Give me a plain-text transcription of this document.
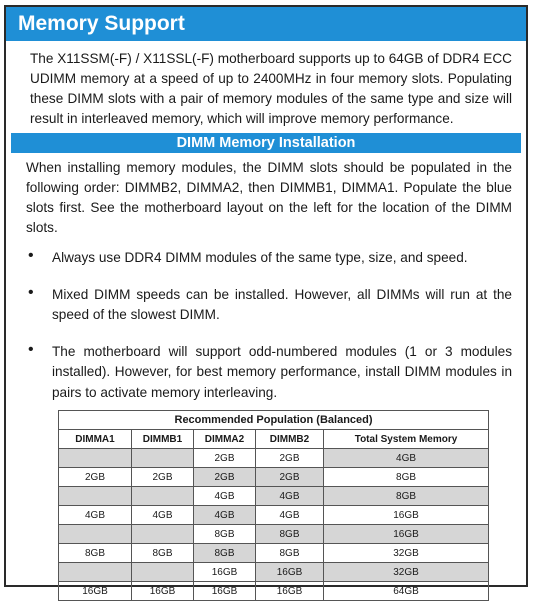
Memory Support

The X11SSM(-F) / X11SSL(-F) motherboard supports up to 64GB of DDR4 ECC UDIMM memory at a speed of up to 2400MHz in four memory slots. Populating these DIMM slots with a pair of memory modules of the same type and size will result in interleaved memory, which will improve memory performance.

DIMM Memory Installation

When installing memory modules, the DIMM slots should be populated in the following order: DIMMB2, DIMMA2, then DIMMB1, DIMMA1. Populate the blue slots first. See the motherboard layout on the left for the location of the DIMM slots.

• Always use DDR4 DIMM modules of the same type, size, and speed.
• Mixed DIMM speeds can be installed. However, all DIMMs will run at the speed of the slowest DIMM.
• The motherboard will support odd-numbered modules (1 or 3 modules installed). However, for best memory performance, install DIMM modules in pairs to activate memory interleaving.
Recommended Population (Balanced)				
DIMMA1	DIMMB1	DIMMA2	DIMMB2	Total System Memory
		2GB	2GB	4GB
2GB	2GB	2GB	2GB	8GB
		4GB	4GB	8GB
4GB	4GB	4GB	4GB	16GB
		8GB	8GB	16GB
8GB	8GB	8GB	8GB	32GB
		16GB	16GB	32GB
16GB	16GB	16GB	16GB	64GB
